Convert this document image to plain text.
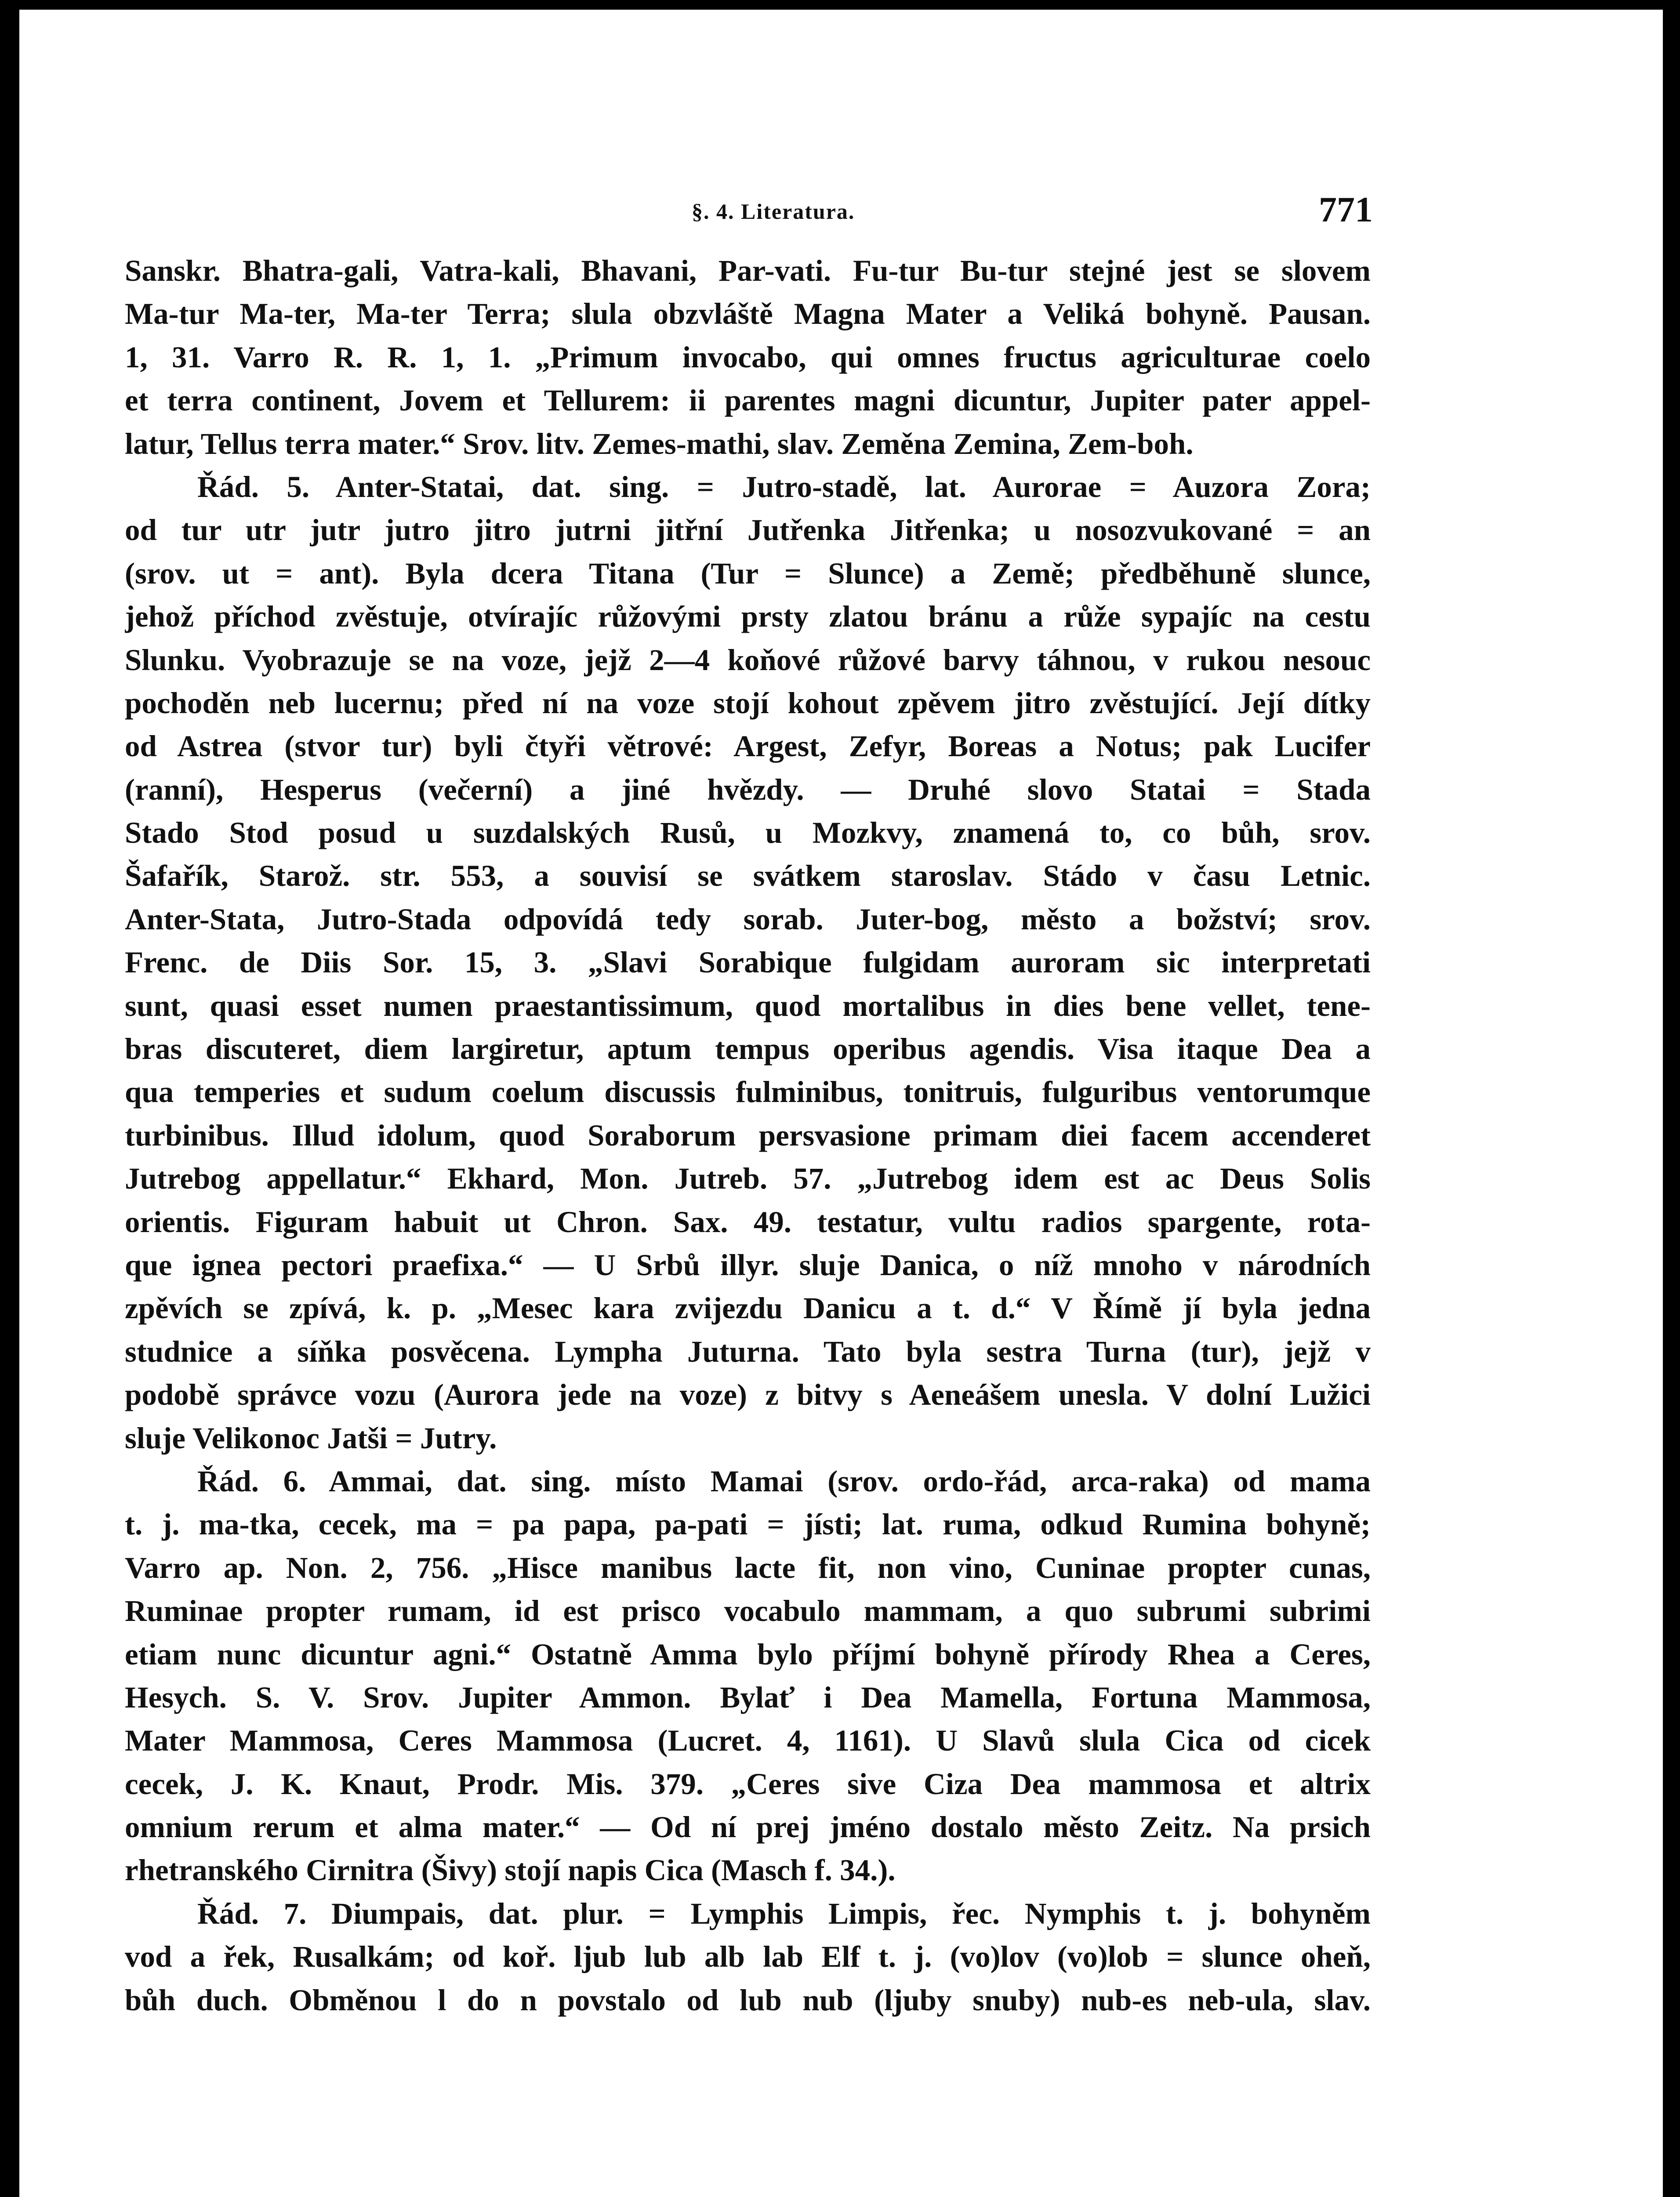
§. 4. Literatura.	771
Sanskr. Bhatra-gali, Vatra-kali, Bhavani, Par-vati. Fu-tur Bu-tur stejné jest se slovem
Ma-tur Ma-ter, Ma-ter Terra; slula obzvláště Magna Mater a Veliká bohyně. Pausan.
1, 31. Varro R. R. 1, 1. „Primum invocabo, qui omnes fructus agriculturae coelo
et terra continent, Jovem et Tellurem: ii parentes magni dicuntur, Jupiter pater appel-
latur, Tellus terra mater.“ Srov. litv. Zemes-mathi, slav. Zeměna Zemina, Zem-boh.
Řád. 5. Anter-Statai, dat. sing. = Jutro-stadě, lat. Aurorae = Auzora Zora;
od tur utr jutr jutro jitro jutrni jitřní Jutřenka Jitřenka; u nosozvukované = an
(srov. ut = ant). Byla dcera Titana (Tur = Slunce) a Země; předběhuně slunce,
jehož příchod zvěstuje, otvírajíc růžovými prsty zlatou bránu a růže sypajíc na cestu
Slunku. Vyobrazuje se na voze, jejž 2—4 koňové růžové barvy táhnou, v rukou nesouc
pochoděn neb lucernu; před ní na voze stojí kohout zpěvem jitro zvěstující. Její dítky
od Astrea (stvor tur) byli čtyři větrové: Argest, Zefyr, Boreas a Notus; pak Lucifer
(ranní), Hesperus (večerní) a jiné hvězdy. — Druhé slovo Statai = Stada
Stado Stod posud u suzdalských Rusů, u Mozkvy, znamená to, co bůh, srov.
Šafařík, Starož. str. 553, a souvisí se svátkem staroslav. Stádo v času Letnic.
Anter-Stata, Jutro-Stada odpovídá tedy sorab. Juter-bog, město a božství; srov.
Frenc. de Diis Sor. 15, 3. „Slavi Sorabique fulgidam auroram sic interpretati
sunt, quasi esset numen praestantissimum, quod mortalibus in dies bene vellet, tene-
bras discuteret, diem largiretur, aptum tempus operibus agendis. Visa itaque Dea a
qua temperies et sudum coelum discussis fulminibus, tonitruis, fulguribus ventorumque
turbinibus. Illud idolum, quod Soraborum persvasione primam diei facem accenderet
Jutrebog appellatur.“ Ekhard, Mon. Jutreb. 57. „Jutrebog idem est ac Deus Solis
orientis. Figuram habuit ut Chron. Sax. 49. testatur, vultu radios spargente, rota-
que ignea pectori praefixa.“ — U Srbů illyr. sluje Danica, o níž mnoho v národních
zpěvích se zpívá, k. p. „Mesec kara zvijezdu Danicu a t. d.“ V Římě jí byla jedna
studnice a síňka posvěcena. Lympha Juturna. Tato byla sestra Turna (tur), jejž v
podobě správce vozu (Aurora jede na voze) z bitvy s Aeneášem unesla. V dolní Lužici
sluje Velikonoc Jatši = Jutry.
Řád. 6. Ammai, dat. sing. místo Mamai (srov. ordo-řád, arca-raka) od mama
t. j. ma-tka, cecek, ma = pa papa, pa-pati = jísti; lat. ruma, odkud Rumina bohyně;
Varro ap. Non. 2, 756. „Hisce manibus lacte fit, non vino, Cuninae propter cunas,
Ruminae propter rumam, id est prisco vocabulo mammam, a quo subrumi subrimi
etiam nunc dicuntur agni.“ Ostatně Amma bylo příjmí bohyně přírody Rhea a Ceres,
Hesych. S. V. Srov. Jupiter Ammon. Bylať i Dea Mamella, Fortuna Mammosa,
Mater Mammosa, Ceres Mammosa (Lucret. 4, 1161). U Slavů slula Cica od cicek
cecek, J. K. Knaut, Prodr. Mis. 379. „Ceres sive Ciza Dea mammosa et altrix
omnium rerum et alma mater.“ — Od ní prej jméno dostalo město Zeitz. Na prsich
rhetranského Cirnitra (Šivy) stojí napis Cica (Masch f. 34.).
Řád. 7. Diumpais, dat. plur. = Lymphis Limpis, řec. Nymphis t. j. bohyněm
vod a řek, Rusalkám; od koř. ljub lub alb lab Elf t. j. (vo)lov (vo)lob = slunce oheň,
bůh duch. Obměnou l do n povstalo od lub nub (ljuby snuby) nub-es neb-ula, slav.
